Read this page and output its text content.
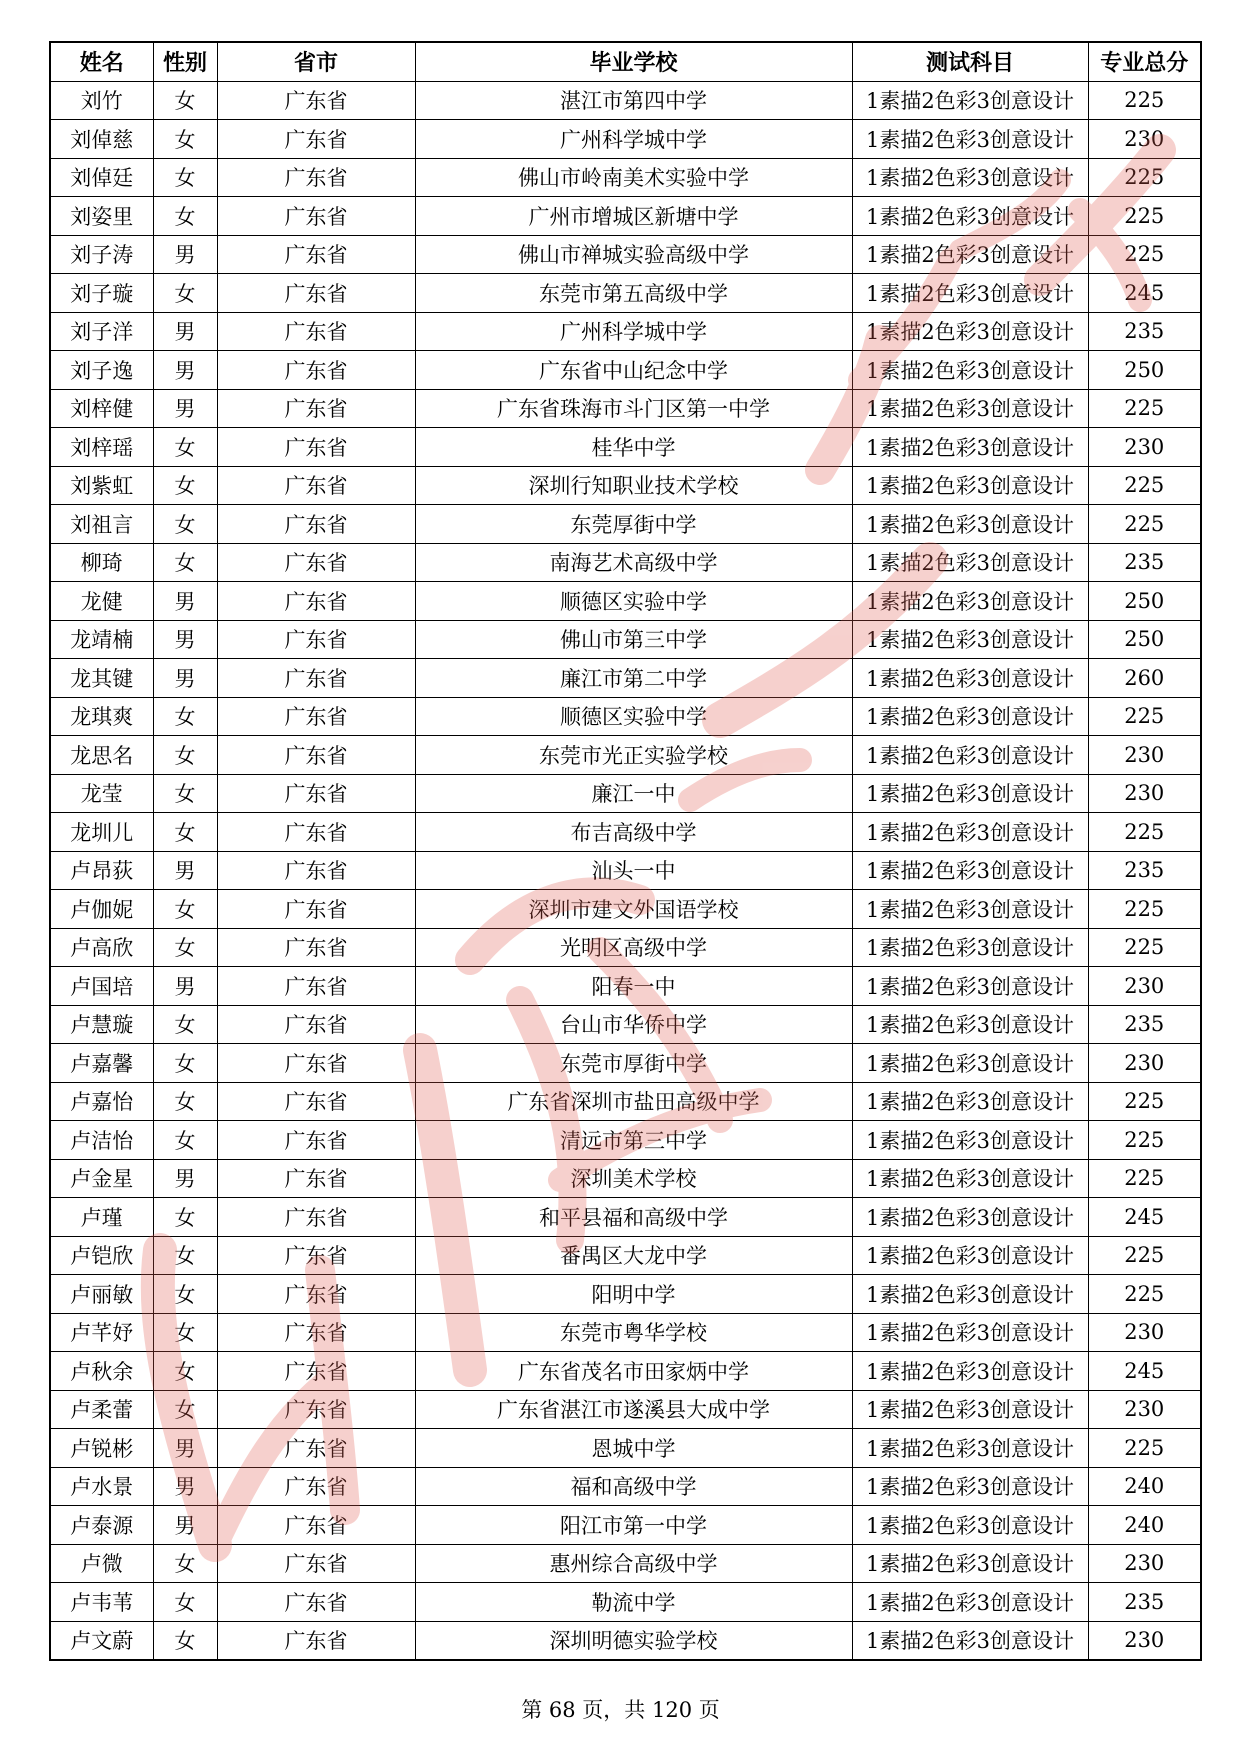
姓名	性别	省市	毕业学校	测试科目	专业总分
刘竹	女	广东省	湛江市第四中学	1素描2色彩3创意设计	225
刘倬慈	女	广东省	广州科学城中学	1素描2色彩3创意设计	230
刘倬廷	女	广东省	佛山市岭南美术实验中学	1素描2色彩3创意设计	225
刘姿里	女	广东省	广州市增城区新塘中学	1素描2色彩3创意设计	225
刘子涛	男	广东省	佛山市禅城实验高级中学	1素描2色彩3创意设计	225
刘子璇	女	广东省	东莞市第五高级中学	1素描2色彩3创意设计	245
刘子洋	男	广东省	广州科学城中学	1素描2色彩3创意设计	235
刘子逸	男	广东省	广东省中山纪念中学	1素描2色彩3创意设计	250
刘梓健	男	广东省	广东省珠海市斗门区第一中学	1素描2色彩3创意设计	225
刘梓瑶	女	广东省	桂华中学	1素描2色彩3创意设计	230
刘紫虹	女	广东省	深圳行知职业技术学校	1素描2色彩3创意设计	225
刘祖言	女	广东省	东莞厚街中学	1素描2色彩3创意设计	225
柳琦	女	广东省	南海艺术高级中学	1素描2色彩3创意设计	235
龙健	男	广东省	顺德区实验中学	1素描2色彩3创意设计	250
龙靖楠	男	广东省	佛山市第三中学	1素描2色彩3创意设计	250
龙其键	男	广东省	廉江市第二中学	1素描2色彩3创意设计	260
龙琪爽	女	广东省	顺德区实验中学	1素描2色彩3创意设计	225
龙思名	女	广东省	东莞市光正实验学校	1素描2色彩3创意设计	230
龙莹	女	广东省	廉江一中	1素描2色彩3创意设计	230
龙圳儿	女	广东省	布吉高级中学	1素描2色彩3创意设计	225
卢昂荻	男	广东省	汕头一中	1素描2色彩3创意设计	235
卢伽妮	女	广东省	深圳市建文外国语学校	1素描2色彩3创意设计	225
卢高欣	女	广东省	光明区高级中学	1素描2色彩3创意设计	225
卢国培	男	广东省	阳春一中	1素描2色彩3创意设计	230
卢慧璇	女	广东省	台山市华侨中学	1素描2色彩3创意设计	235
卢嘉馨	女	广东省	东莞市厚街中学	1素描2色彩3创意设计	230
卢嘉怡	女	广东省	广东省深圳市盐田高级中学	1素描2色彩3创意设计	225
卢洁怡	女	广东省	清远市第三中学	1素描2色彩3创意设计	225
卢金星	男	广东省	深圳美术学校	1素描2色彩3创意设计	225
卢瑾	女	广东省	和平县福和高级中学	1素描2色彩3创意设计	245
卢铠欣	女	广东省	番禺区大龙中学	1素描2色彩3创意设计	225
卢丽敏	女	广东省	阳明中学	1素描2色彩3创意设计	225
卢芊妤	女	广东省	东莞市粤华学校	1素描2色彩3创意设计	230
卢秋余	女	广东省	广东省茂名市田家炳中学	1素描2色彩3创意设计	245
卢柔蕾	女	广东省	广东省湛江市遂溪县大成中学	1素描2色彩3创意设计	230
卢锐彬	男	广东省	恩城中学	1素描2色彩3创意设计	225
卢水景	男	广东省	福和高级中学	1素描2色彩3创意设计	240
卢泰源	男	广东省	阳江市第一中学	1素描2色彩3创意设计	240
卢微	女	广东省	惠州综合高级中学	1素描2色彩3创意设计	230
卢韦苇	女	广东省	勒流中学	1素描2色彩3创意设计	235
卢文蔚	女	广东省	深圳明德实验学校	1素描2色彩3创意设计	230
第 68 页，共 120 页
